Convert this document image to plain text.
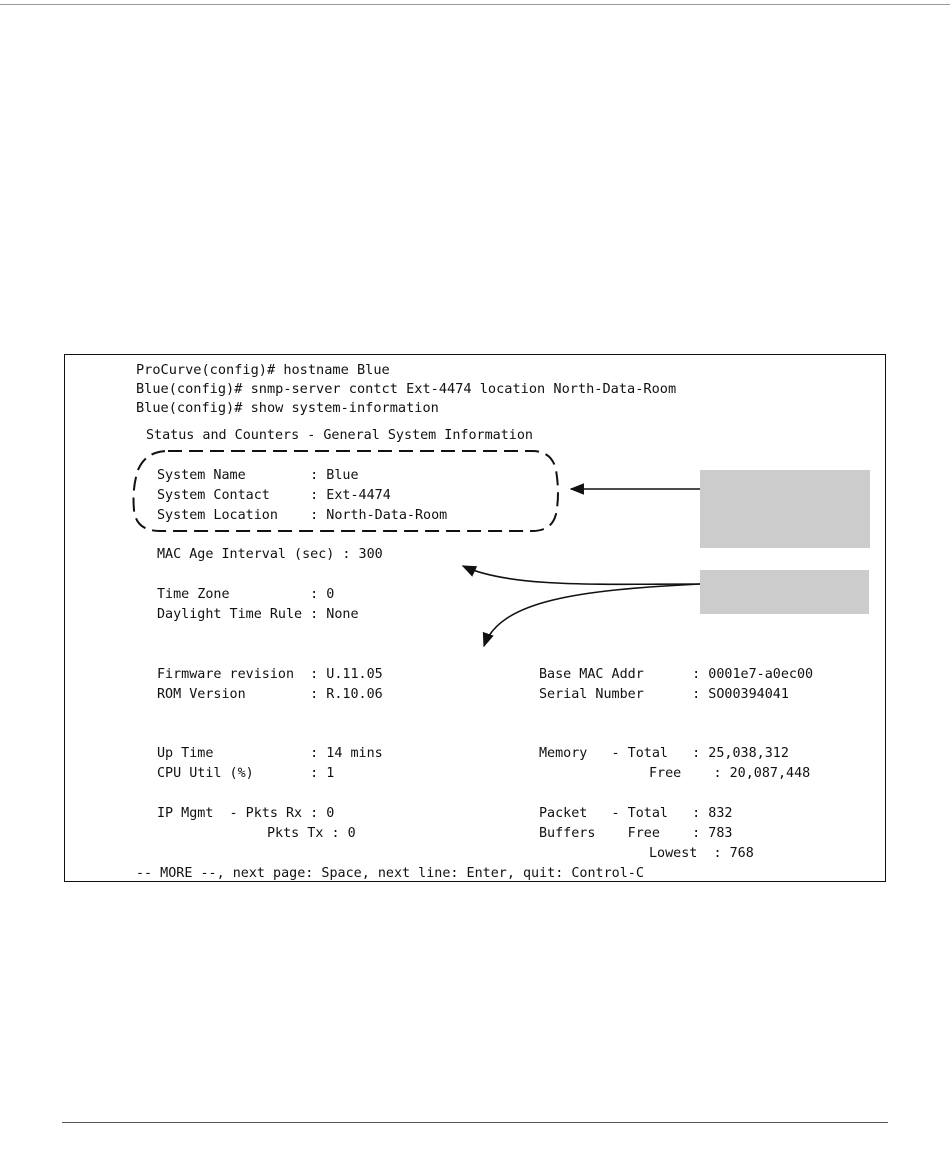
ProCurve(config)# hostname Blue
Blue(config)# snmp-server contct Ext-4474 location North-Data-Room
Blue(config)# show system-information
Status and Counters - General System Information
System Name        : Blue
System Contact     : Ext-4474
System Location    : North-Data-Room
MAC Age Interval (sec) : 300
Time Zone          : 0
Daylight Time Rule : None
Firmware revision  : U.11.05	Base MAC Addr      : 0001e7-a0ec00
ROM Version        : R.10.06	Serial Number      : SO00394041
Up Time            : 14 mins	Memory   - Total   : 25,038,312
CPU Util (%)       : 1	Free    : 20,087,448
IP Mgmt  - Pkts Rx : 0	Packet   - Total   : 832
Pkts Tx : 0	Buffers    Free    : 783
Lowest  : 768
-- MORE --, next page: Space, next line: Enter, quit: Control-C
